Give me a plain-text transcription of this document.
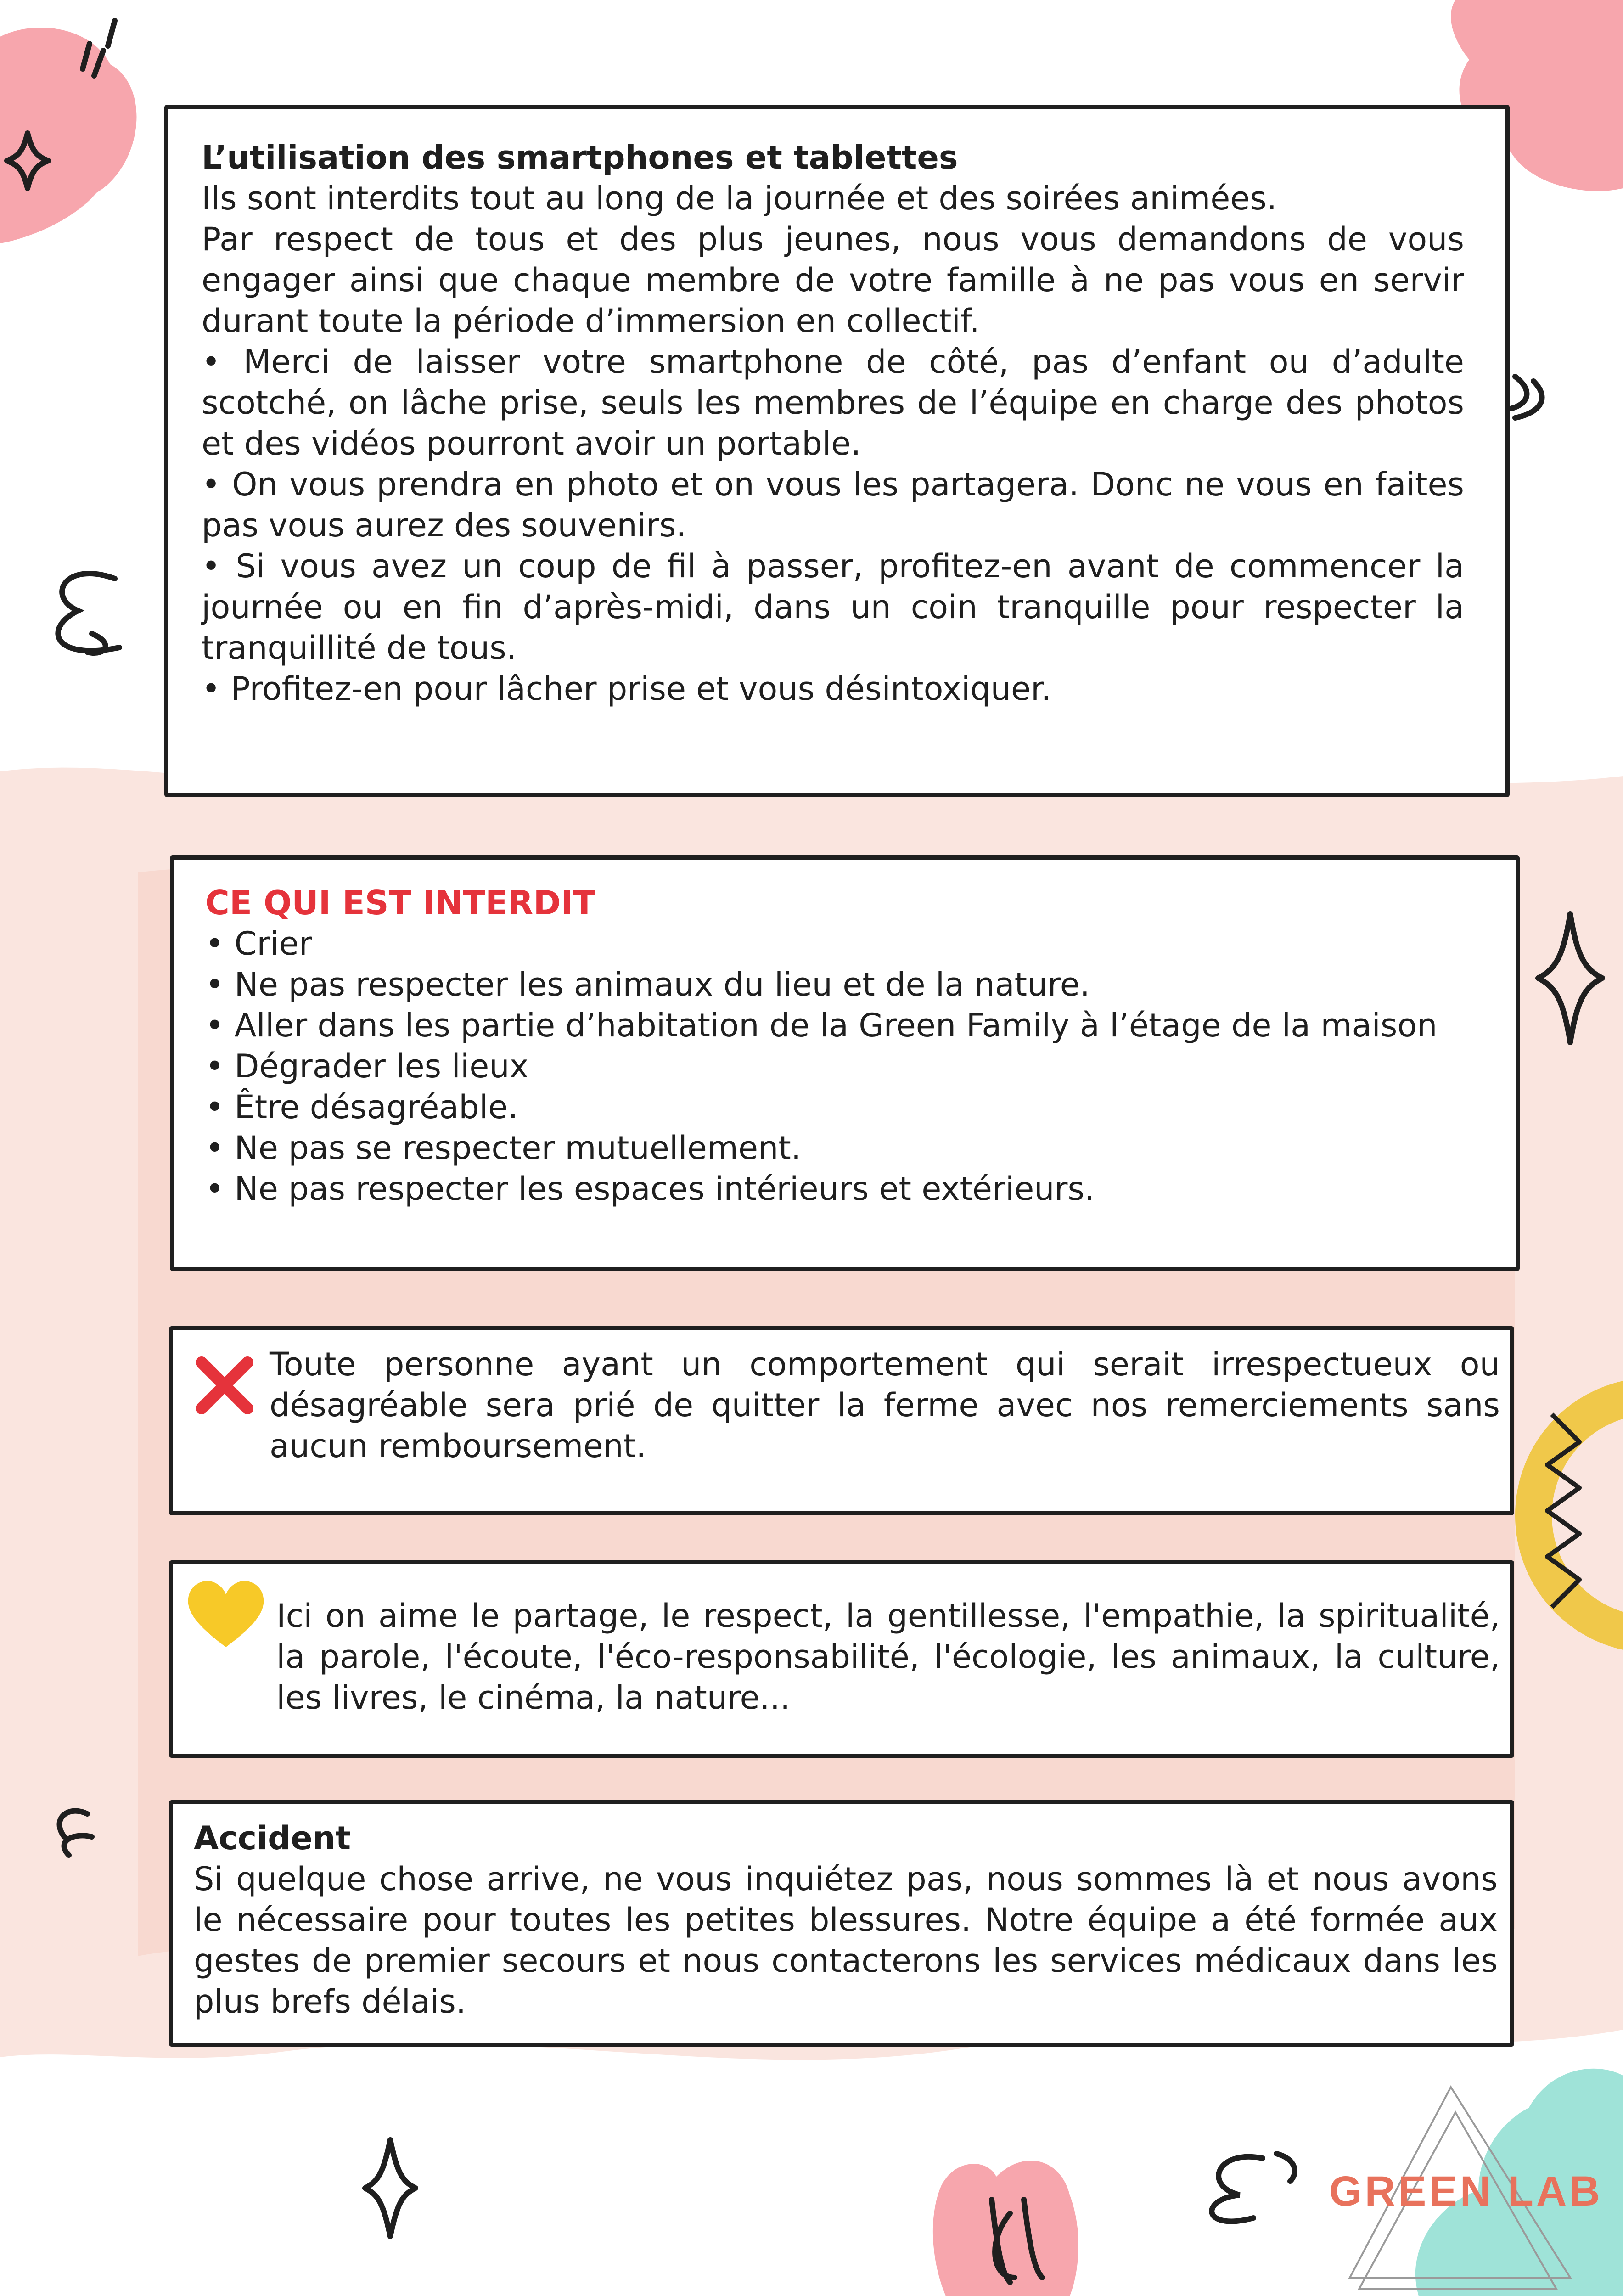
L’utilisation des smartphones et tablettes

Ils sont interdits tout au long de la journée et des soirées animées.

Par respect de tous et des plus jeunes, nous vous demandons de vous engager ainsi que chaque membre de votre famille à ne pas vous en servir durant toute la période d’immersion en collectif.

• Merci de laisser votre smartphone de côté, pas d’enfant ou d’adulte scotché, on lâche prise, seuls les membres de l’équipe en charge des photos et des vidéos pourront avoir un portable.

• On vous prendra en photo et on vous les partagera. Donc ne vous en faites pas vous aurez des souvenirs.

• Si vous avez un coup de fil à passer, profitez-en avant de commencer la journée ou en fin d’après-midi, dans un coin tranquille pour respecter la tranquillité de tous.

• Profitez-en pour lâcher prise et vous désintoxiquer.

CE QUI EST INTERDIT

• Crier

• Ne pas respecter les animaux du lieu et de la nature.

• Aller dans les partie d’habitation de la Green Family à l’étage de la maison

• Dégrader les lieux

• Être désagréable.

• Ne pas se respecter mutuellement.

• Ne pas respecter les espaces intérieurs et extérieurs.

Toute personne ayant un comportement qui serait irrespectueux ou désagréable sera prié de quitter la ferme avec nos remerciements sans aucun remboursement.

Ici on aime le partage, le respect, la gentillesse, l'empathie, la spiritualité, la parole, l'écoute, l'éco-responsabilité, l'écologie, les animaux, la culture, les livres, le cinéma, la nature...

Accident

Si quelque chose arrive, ne vous inquiétez pas, nous sommes là et nous avons le nécessaire pour toutes les petites blessures. Notre équipe a été formée aux gestes de premier secours et nous contacterons les services médicaux dans les plus brefs délais.

GREEN LAB
